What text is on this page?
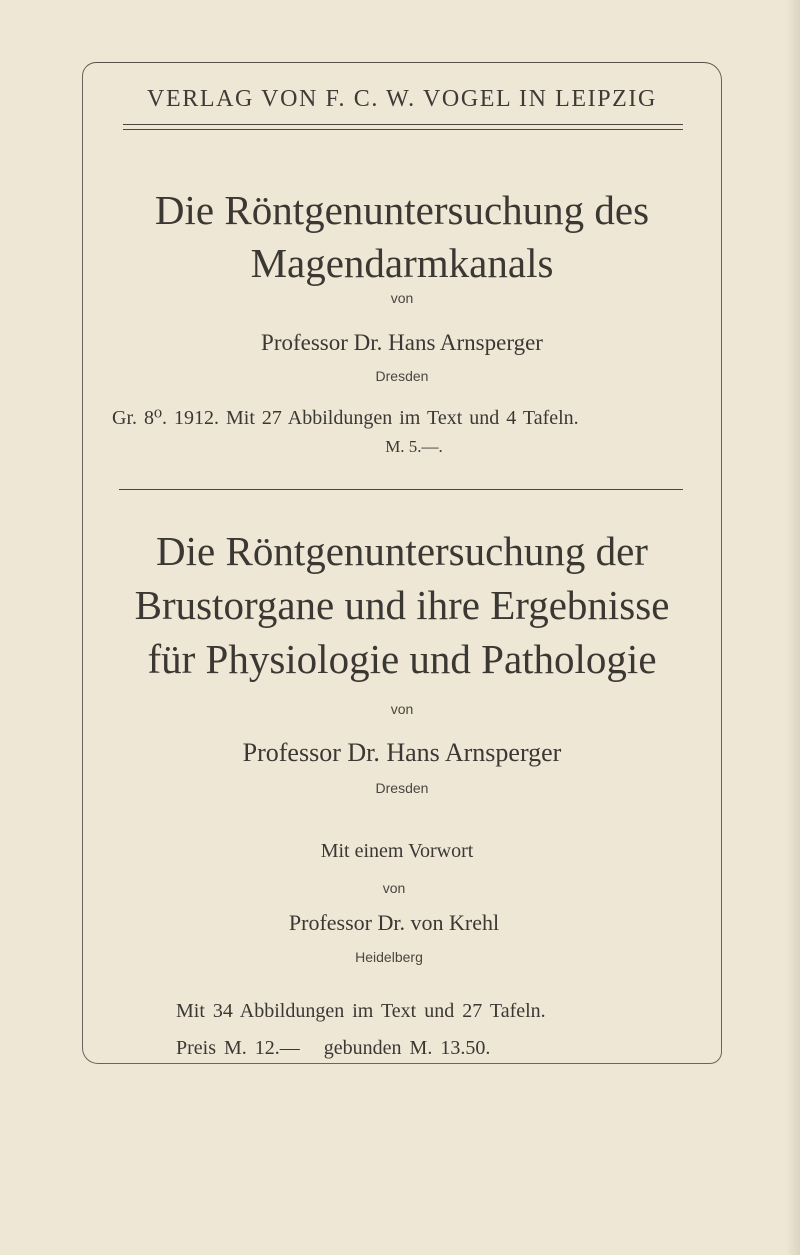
VERLAG VON F. C. W. VOGEL IN LEIPZIG
Die Röntgenuntersuchung des
Magendarmkanals
von
Professor Dr. Hans Arnsperger
Dresden
Gr. 8⁰. 1912. Mit 27 Abbildungen im Text und 4 Tafeln.
M. 5.—.
Die Röntgenuntersuchung der
Brustorgane und ihre Ergebnisse
für Physiologie und Pathologie
von
Professor Dr. Hans Arnsperger
Dresden
Mit einem Vorwort
von
Professor Dr. von Krehl
Heidelberg
Mit 34 Abbildungen im Text und 27 Tafeln.
Preis M. 12.—   gebunden M. 13.50.
